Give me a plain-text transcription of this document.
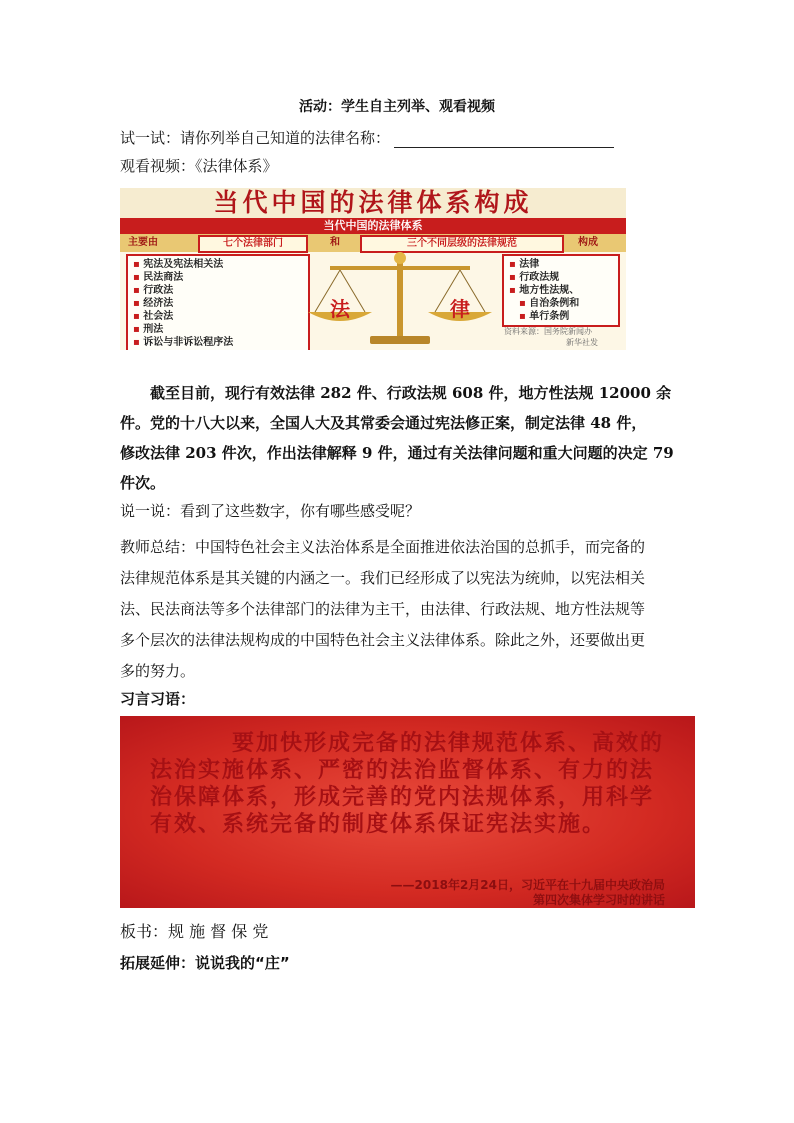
活动：学生自主列举、观看视频
试一试：请你列举自己知道的法律名称：
观看视频：《法律体系》
当代中国的法律体系构成
当代中国的法律体系
主要由	七个法律部门	和	三个不同层级的法律规范	构成
▪ 宪法及宪法相关法
▪ 民法商法
▪ 行政法
▪ 经济法
▪ 社会法
▪ 刑法
▪ 诉讼与非诉讼程序法
法	律
▪ 法律
▪ 行政法规
▪ 地方性法规、
▪ 自治条例和
▪ 单行条例
资料来源：国务院新闻办
新华社发
截至目前，现行有效法律 282 件、行政法规 608 件，地方性法规 12000 余
件。党的十八大以来，全国人大及其常委会通过宪法修正案，制定法律 48 件，
修改法律 203 件次，作出法律解释 9 件，通过有关法律问题和重大问题的决定 79
件次。
说一说：看到了这些数字，你有哪些感受呢？
教师总结：中国特色社会主义法治体系是全面推进依法治国的总抓手，而完备的
法律规范体系是其关键的内涵之一。我们已经形成了以宪法为统帅，以宪法相关
法、民法商法等多个法律部门的法律为主干，由法律、行政法规、地方性法规等
多个层次的法律法规构成的中国特色社会主义法律体系。除此之外，还要做出更
多的努力。
习言习语：
要加快形成完备的法律规范体系、高效的法治实施体系、严密的法治监督体系、有力的法治保障体系，形成完善的党内法规体系，用科学有效、系统完备的制度体系保证宪法实施。
——2018年2月24日，习近平在十九届中央政治局
第四次集体学习时的讲话
板书：规 施 督 保 党
拓展延伸：说说我的“庄”
